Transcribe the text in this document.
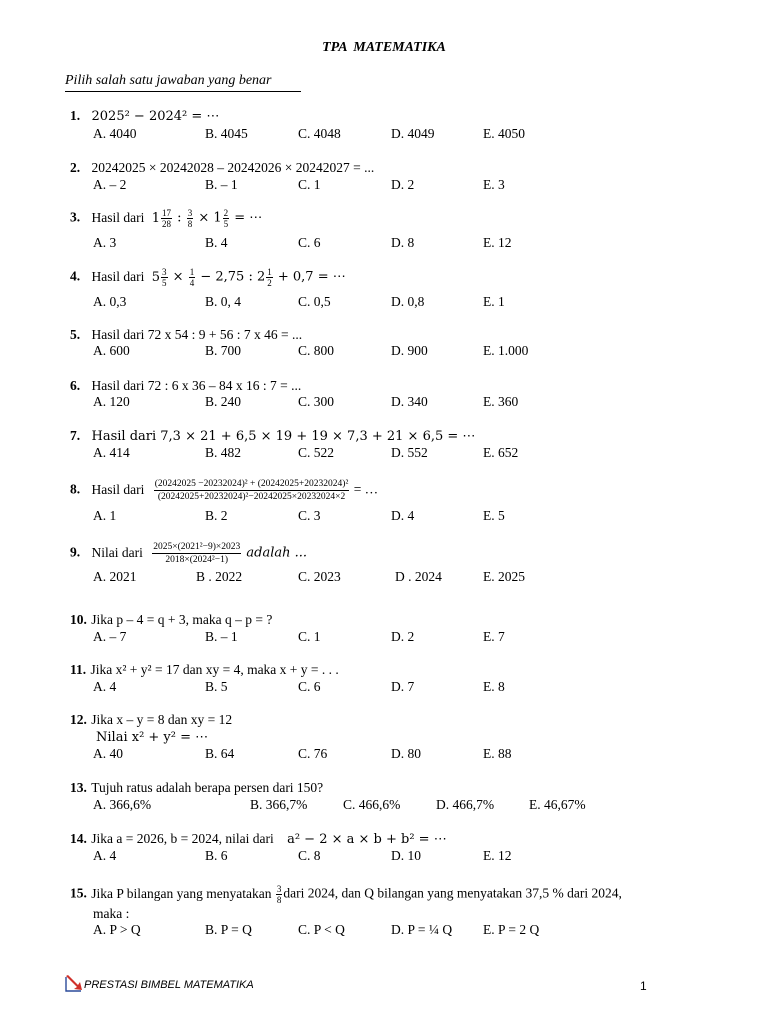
TPA MATEMATIKA
Pilih salah satu jawaban yang benar
1. 2025² − 2024² = ⋯
A. 4040	B. 4045	C. 4048	D. 4049	E. 4050
2. 20242025 × 20242028 – 20242026 × 20242027 = ...
A. – 2	B. – 1	C. 1	D. 2	E. 3
3. Hasil dari $1 \frac{17}{28}$ : $\frac{3}{8} \times 1 \frac{2}{5}$ = ⋯
A. 3	B. 4	C. 6	D. 8	E. 12
4. Hasil dari $5 \frac{3}{5} \times \frac{1}{4} - 2,75$ : $2 \frac{1}{2} + 0,7$ = ⋯
A. 0,3	B. 0, 4	C. 0,5	D. 0,8	E. 1
5. Hasil dari 72 x 54 : 9 + 56 : 7 x 46 = ...
A. 600	B. 700	C. 800	D. 900	E. 1.000
6. Hasil dari 72 : 6 x 36 – 84 x 16 : 7 = ...
A. 120	B. 240	C. 300	D. 340	E. 360
7. Hasil dari 7,3 × 21 + 6,5 × 19 + 19 × 7,3 + 21 × 6,5 = ⋯
A. 414	B. 482	C. 522	D. 552	E. 652
8. Hasil dari $\frac{\text{(20242025 −20232024)² + (20242025+20232024)²}}{\text{(20242025+20232024)²−20242025×20232024×2}}$ = …
A. 1	B. 2	C. 3	D. 4	E. 5
9. Nilai dari $\frac{\text{2025×(2021²−9)×2023}}{\text{2018×(2024²−1)}}$ adalah ...
A. 2021	B . 2022	C. 2023	D . 2024	E. 2025
10. Jika p – 4 = q + 3, maka q – p = ?
A. – 7	B. – 1	C. 1	D. 2	E. 7
11. Jika x² + y² = 17 dan xy = 4, maka x + y = . . .
A. 4	B. 5	C. 6	D. 7	E. 8
12. Jika x – y = 8 dan xy = 12
Nilai x² + y² = ⋯
A. 40	B. 64	C. 76	D. 80	E. 88
13. Tujuh ratus adalah berapa persen dari 150?
A. 366,6%	B. 366,7%	C. 466,6%	D. 466,7%	E. 46,67%
14. Jika a = 2026, b = 2024, nilai dari a² − 2 × a × b + b² = ⋯
A. 4	B. 6	C. 8	D. 10	E. 12
15. Jika P bilangan yang menyatakan $\frac{3}{8}$ dari 2024, dan Q bilangan yang menyatakan 37,5 % dari 2024,
maka :
A. P > Q	B. P = Q	C. P < Q	D. P = ¼ Q E. P = 2 Q
PRESTASI BIMBEL MATEMATIKA	1
